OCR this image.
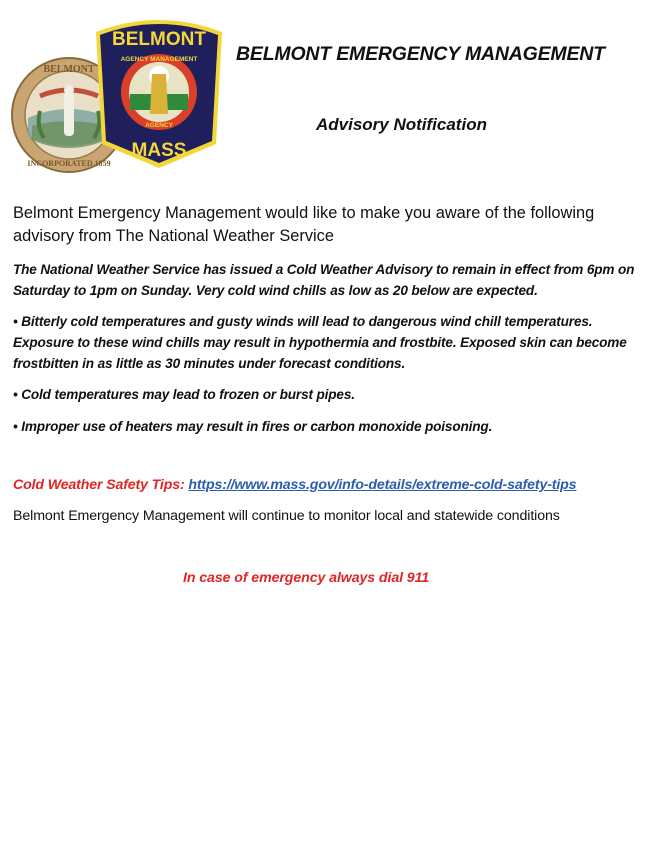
BELMONT
INCORPORATED 1859
BELMONT
AGENCY MANAGEMENT
AGENCY
MASS
BELMONT EMERGENCY MANAGEMENT
Advisory Notification
Belmont Emergency Management would like to make you aware of the following advisory from The National Weather Service
The National Weather Service has issued a Cold Weather Advisory to remain in effect from 6pm on Saturday to 1pm on Sunday. Very cold wind chills as low as 20 below are expected.
• Bitterly cold temperatures and gusty winds will lead to dangerous wind chill temperatures. Exposure to these wind chills may result in hypothermia and frostbite. Exposed skin can become frostbitten in as little as 30 minutes under forecast conditions.
• Cold temperatures may lead to frozen or burst pipes.
• Improper use of heaters may result in fires or carbon monoxide poisoning.
Cold Weather Safety Tips: https://www.mass.gov/info-details/extreme-cold-safety-tips
Belmont Emergency Management will continue to monitor local and statewide conditions
In case of emergency always dial 911
